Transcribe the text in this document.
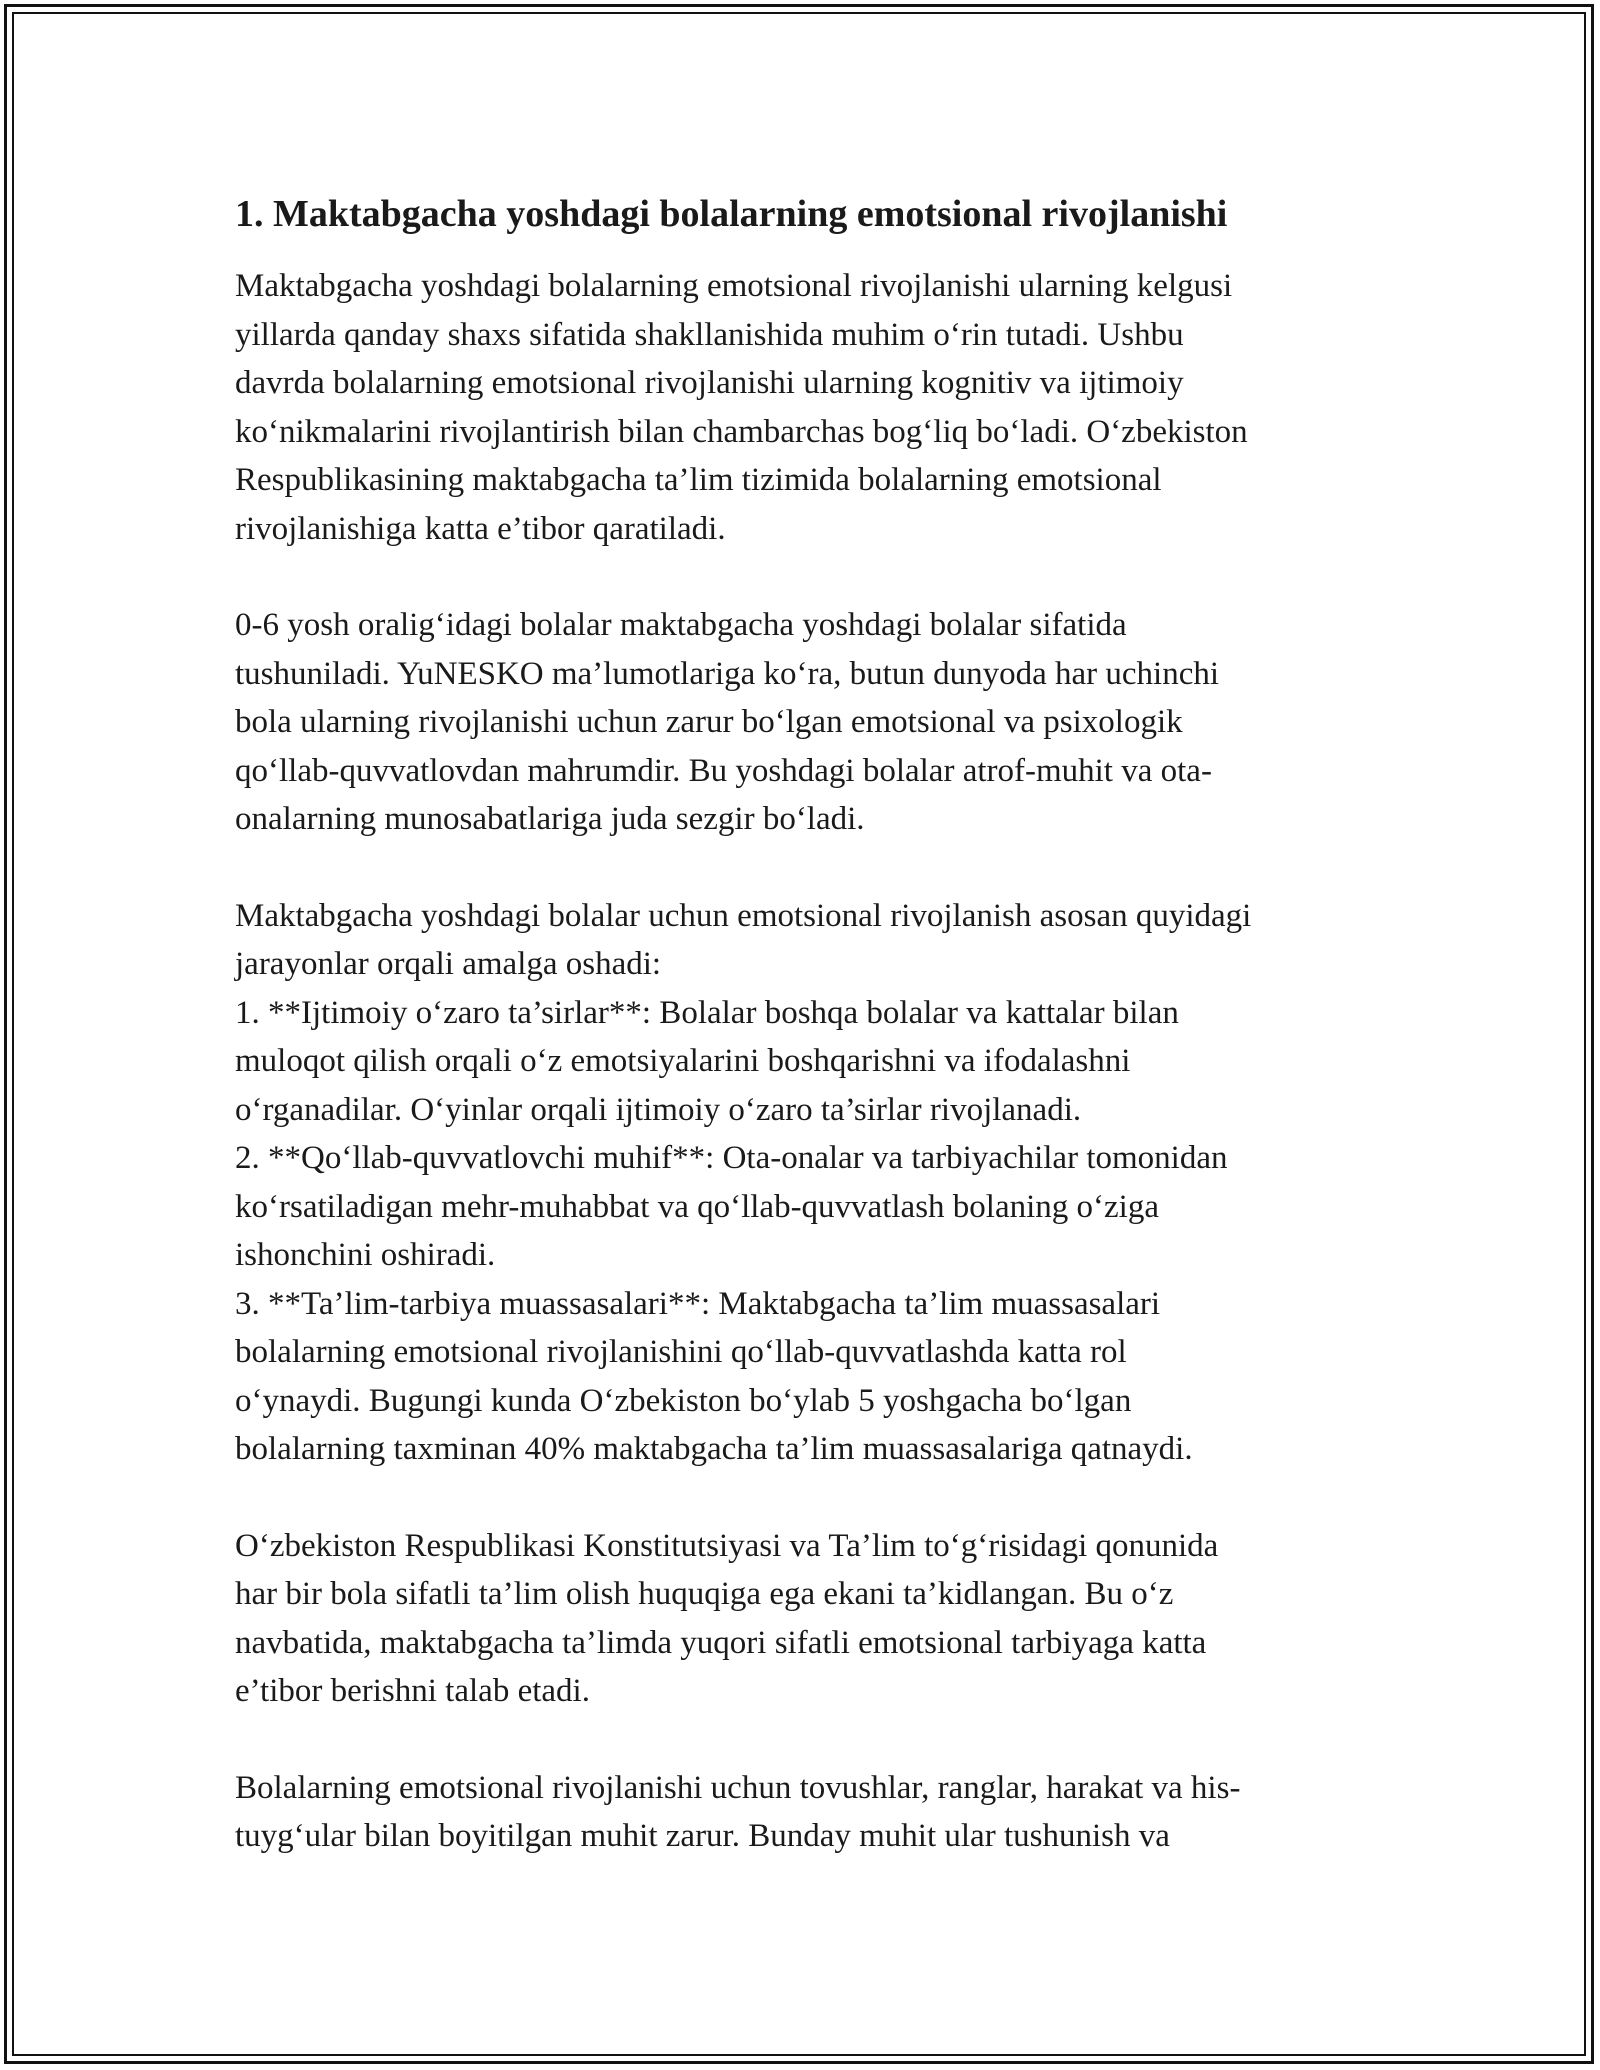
1. Maktabgacha yoshdagi bolalarning emotsional rivojlanishi
Maktabgacha yoshdagi bolalarning emotsional rivojlanishi ularning kelgusi
yillarda qanday shaxs sifatida shakllanishida muhim o‘rin tutadi. Ushbu
davrda bolalarning emotsional rivojlanishi ularning kognitiv va ijtimoiy
ko‘nikmalarini rivojlantirish bilan chambarchas bog‘liq bo‘ladi. O‘zbekiston
Respublikasining maktabgacha ta’lim tizimida bolalarning emotsional
rivojlanishiga katta e’tibor qaratiladi.
0-6 yosh oralig‘idagi bolalar maktabgacha yoshdagi bolalar sifatida
tushuniladi. YuNESKO ma’lumotlariga ko‘ra, butun dunyoda har uchinchi
bola ularning rivojlanishi uchun zarur bo‘lgan emotsional va psixologik
qo‘llab-quvvatlovdan mahrumdir. Bu yoshdagi bolalar atrof-muhit va ota-
onalarning munosabatlariga juda sezgir bo‘ladi.
Maktabgacha yoshdagi bolalar uchun emotsional rivojlanish asosan quyidagi
jarayonlar orqali amalga oshadi:
1. **Ijtimoiy o‘zaro ta’sirlar**: Bolalar boshqa bolalar va kattalar bilan
muloqot qilish orqali o‘z emotsiyalarini boshqarishni va ifodalashni
o‘rganadilar. O‘yinlar orqali ijtimoiy o‘zaro ta’sirlar rivojlanadi.
2. **Qo‘llab-quvvatlovchi muhif**: Ota-onalar va tarbiyachilar tomonidan
ko‘rsatiladigan mehr-muhabbat va qo‘llab-quvvatlash bolaning o‘ziga
ishonchini oshiradi.
3. **Ta’lim-tarbiya muassasalari**: Maktabgacha ta’lim muassasalari
bolalarning emotsional rivojlanishini qo‘llab-quvvatlashda katta rol
o‘ynaydi. Bugungi kunda O‘zbekiston bo‘ylab 5 yoshgacha bo‘lgan
bolalarning taxminan 40% maktabgacha ta’lim muassasalariga qatnaydi.
O‘zbekiston Respublikasi Konstitutsiyasi va Ta’lim to‘g‘risidagi qonunida
har bir bola sifatli ta’lim olish huquqiga ega ekani ta’kidlangan. Bu o‘z
navbatida, maktabgacha ta’limda yuqori sifatli emotsional tarbiyaga katta
e’tibor berishni talab etadi.
Bolalarning emotsional rivojlanishi uchun tovushlar, ranglar, harakat va his-
tuyg‘ular bilan boyitilgan muhit zarur. Bunday muhit ular tushunish va
